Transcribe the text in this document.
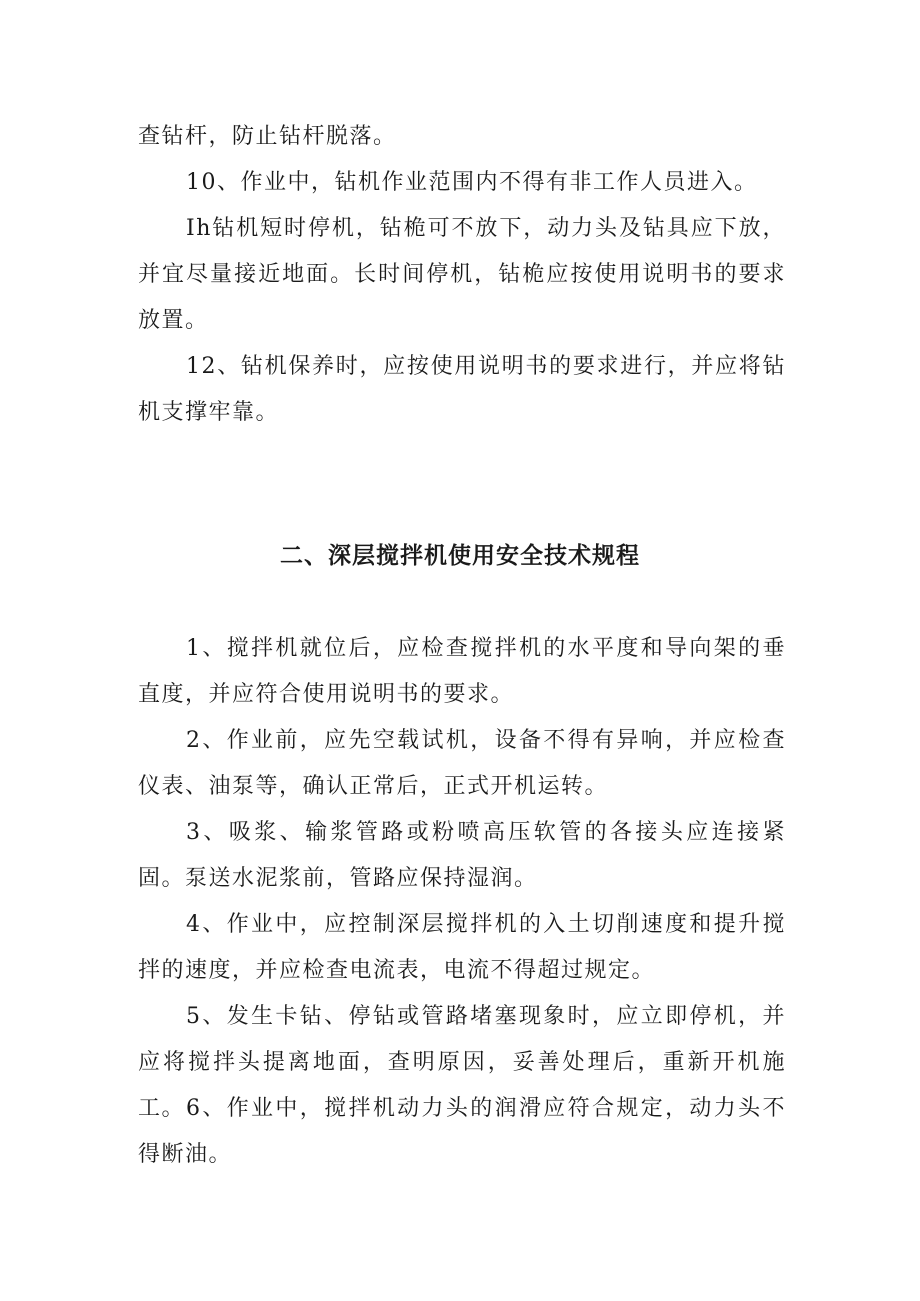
查钻杆，防止钻杆脱落。

10、作业中，钻机作业范围内不得有非工作人员进入。

Ih钻机短时停机，钻桅可不放下，动力头及钻具应下放，并宜尽量接近地面。长时间停机，钻桅应按使用说明书的要求放置。

12、钻机保养时，应按使用说明书的要求进行，并应将钻机支撑牢靠。

二、深层搅拌机使用安全技术规程

1、搅拌机就位后，应检查搅拌机的水平度和导向架的垂直度，并应符合使用说明书的要求。

2、作业前，应先空载试机，设备不得有异响，并应检查仪表、油泵等，确认正常后，正式开机运转。

3、吸浆、输浆管路或粉喷高压软管的各接头应连接紧固。泵送水泥浆前，管路应保持湿润。

4、作业中，应控制深层搅拌机的入土切削速度和提升搅拌的速度，并应检查电流表，电流不得超过规定。

5、发生卡钻、停钻或管路堵塞现象时，应立即停机，并应将搅拌头提离地面，查明原因，妥善处理后，重新开机施工。 6、作业中，搅拌机动力头的润滑应符合规定，动力头不得断油。
